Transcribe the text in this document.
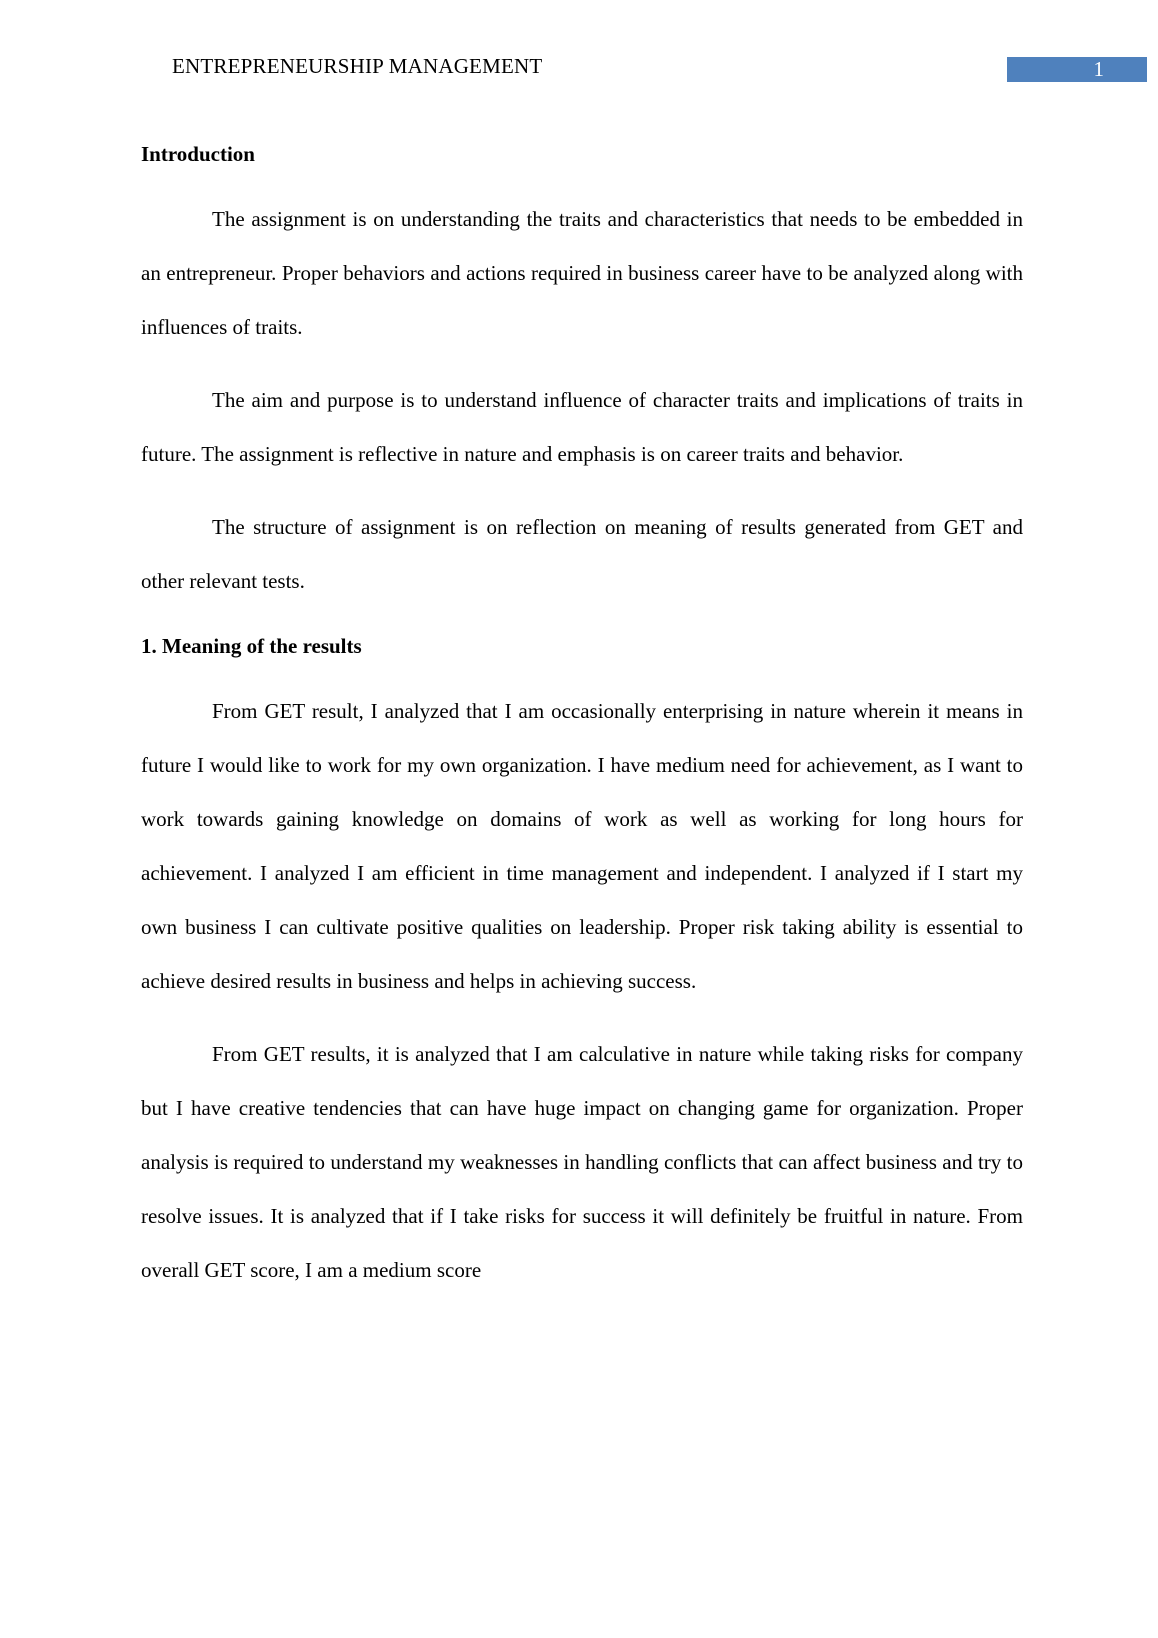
ENTREPRENEURSHIP MANAGEMENT	1
Introduction

The assignment is on understanding the traits and characteristics that needs to be embedded in an entrepreneur. Proper behaviors and actions required in business career have to be analyzed along with influences of traits.

The aim and purpose is to understand influence of character traits and implications of traits in future. The assignment is reflective in nature and emphasis is on career traits and behavior.

The structure of assignment is on reflection on meaning of results generated from GET and other relevant tests.

1. Meaning of the results

From GET result, I analyzed that I am occasionally enterprising in nature wherein it means in future I would like to work for my own organization. I have medium need for achievement, as I want to work towards gaining knowledge on domains of work as well as working for long hours for achievement. I analyzed I am efficient in time management and independent. I analyzed if I start my own business I can cultivate positive qualities on leadership. Proper risk taking ability is essential to achieve desired results in business and helps in achieving success.

From GET results, it is analyzed that I am calculative in nature while taking risks for company but I have creative tendencies that can have huge impact on changing game for organization. Proper analysis is required to understand my weaknesses in handling conflicts that can affect business and try to resolve issues. It is analyzed that if I take risks for success it will definitely be fruitful in nature. From overall GET score, I am a medium score
